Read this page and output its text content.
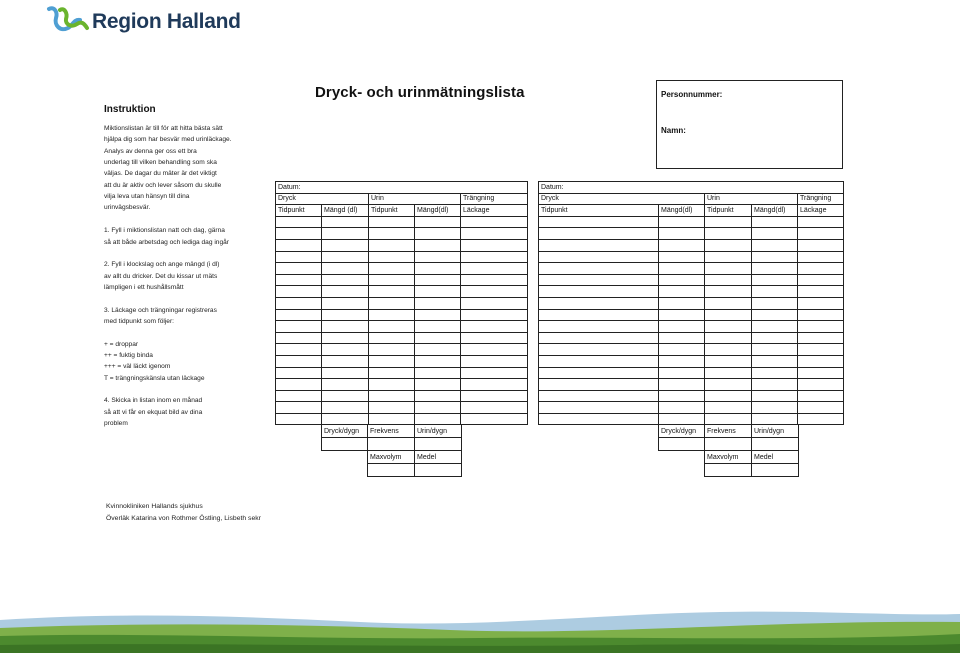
Region Halland
Dryck- och urinmätningslista	Personnummer:
Namn:
Instruktion
Miktionslistan är till för att hitta bästa sätt
hjälpa dig som har besvär med urinläckage.
Analys av denna ger oss ett bra
underlag till vilken behandling som ska
väljas. De dagar du mäter är det viktigt
att du är aktiv och lever såsom du skulle
vilja leva utan hänsyn till dina
urinvägsbesvär.
1. Fyll i miktionslistan natt och dag, gärna
så att både arbetsdag och lediga dag ingår
2. Fyll i klockslag och ange mängd (i dl)
av allt du dricker. Det du kissar ut mäts
lämpligen i ett hushållsmått
3. Läckage och trängningar registreras
med tidpunkt som följer:
+ = droppar
++ = fuktig binda
+++ = väl läckt igenom
T = trängningskänsla utan läckage
4. Skicka in listan inom en månad
så att vi får en ekquat bild av dina
problem
Datum:				
Dryck		Urin		Trängning
Tidpunkt	Mängd (dl)	Tidpunkt	Mängd(dl)	Läckage

Dryck/dygn	Frekvens	Urin/dygn

	Maxvolym	Medel

Datum:				
Dryck		Urin		Trängning
Tidpunkt	Mängd(dl)	Tidpunkt	Mängd(dl)	Läckage

Dryck/dygn	Frekvens	Urin/dygn

	Maxvolym	Medel

Kvinnokliniken Hallands sjukhus
Överläk Katarina von Rothmer Östling, Lisbeth sekr
